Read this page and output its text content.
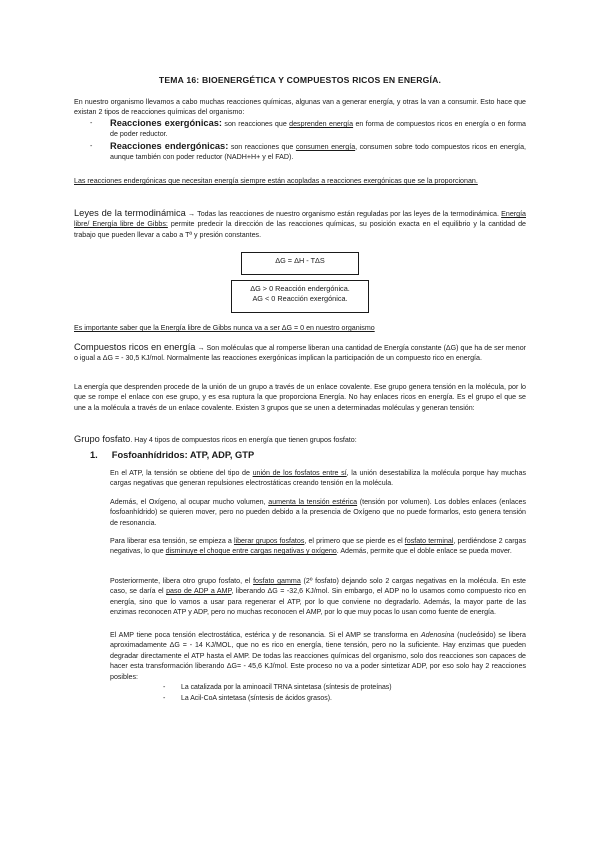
TEMA 16: BIOENERGÉTICA Y COMPUESTOS RICOS EN ENERGÍA.
En nuestro organismo llevamos a cabo muchas reacciones químicas, algunas van a generar energía, y otras la van a consumir. Esto hace que existan 2 tipos de reacciones químicas del organismo:
- Reacciones exergónicas: son reacciones que desprenden energía en forma de compuestos ricos en energía o en forma de poder reductor.
- Reacciones endergónicas: son reacciones que consumen energía, consumen sobre todo compuestos ricos en energía, aunque también con poder reductor (NADH+H+ y el FAD).
Las reacciones endergónicas que necesitan energía siempre están acopladas a reacciones exergónicas que se la proporcionan.
Leyes de la termodinámica → Todas las reacciones de nuestro organismo están reguladas por las leyes de la termodinámica. Energía libre/ Energía libre de Gibbs: permite predecir la dirección de las reacciones químicas, su posición exacta en el equilibrio y la cantidad de trabajo que pueden llevar a cabo a Tª y presión constantes.
ΔG = ΔH - TΔS
ΔG > 0 Reacción endergónica.
AG < 0 Reacción exergónica.
Es importante saber que la Energía libre de Gibbs nunca va a ser ΔG = 0 en nuestro organismo
Compuestos ricos en energía → Son moléculas que al romperse liberan una cantidad de Energía constante (ΔG) que ha de ser menor o igual a ΔG = - 30,5 KJ/mol. Normalmente las reacciones exergónicas implican la participación de un compuesto rico en energía.
La energía que desprenden procede de la unión de un grupo a través de un enlace covalente. Ese grupo genera tensión en la molécula, por lo que se rompe el enlace con ese grupo, y es esa ruptura la que proporciona Energía. No hay enlaces ricos en energía. Es el grupo el que se une a la molécula a través de un enlace covalente. Existen 3 grupos que se unen a determinadas moléculas y generan tensión:
Grupo fosfato. Hay 4 tipos de compuestos ricos en energía que tienen grupos fosfato:
1. Fosfoanhídridos: ATP, ADP, GTP
En el ATP, la tensión se obtiene del tipo de unión de los fosfatos entre sí, la unión desestabiliza la molécula porque hay muchas cargas negativas que generan repulsiones electrostáticas creando tensión en la molécula.
Además, el Oxígeno, al ocupar mucho volumen, aumenta la tensión estérica (tensión por volumen). Los dobles enlaces (enlaces fosfoanhídrido) se quieren mover, pero no pueden debido a la presencia de Oxígeno que no puede formarlos, esto genera tensión de resonancia.
Para liberar esa tensión, se empieza a liberar grupos fosfatos, el primero que se pierde es el fosfato terminal, perdiéndose 2 cargas negativas, lo que disminuye el choque entre cargas negativas y oxígeno. Además, permite que el doble enlace se pueda mover.
Posteriormente, libera otro grupo fosfato, el fosfato gamma (2º fosfato) dejando solo 2 cargas negativas en la molécula. En este caso, se daría el paso de ADP a AMP, liberando ΔG = -32,6 KJ/mol. Sin embargo, el ADP no lo usamos como compuesto rico en energía, sino que lo vamos a usar para regenerar el ATP, por lo que conviene no degradarlo. Además, la mayor parte de las enzimas reconocen ATP y ADP, pero no muchas reconocen el AMP, por lo que muy pocas lo usan como fuente de energía.
El AMP tiene poca tensión electrostática, estérica y de resonancia. Si el AMP se transforma en Adenosina (nucleósido) se libera aproximadamente ΔG = - 14 KJ/MOL, que no es rico en energía, tiene tensión, pero no la suficiente. Hay enzimas que pueden degradar directamente el ATP hasta el AMP. De todas las reacciones químicas del organismo, solo dos reacciones son capaces de hacer esta transformación liberando ΔG= - 45,6 KJ/mol. Este proceso no va a poder sintetizar ADP, por eso solo hay 2 reacciones posibles:
- La catalizada por la aminoacil TRNA sintetasa (síntesis de proteínas)
- La Acil-CoA sintetasa (síntesis de ácidos grasos).
